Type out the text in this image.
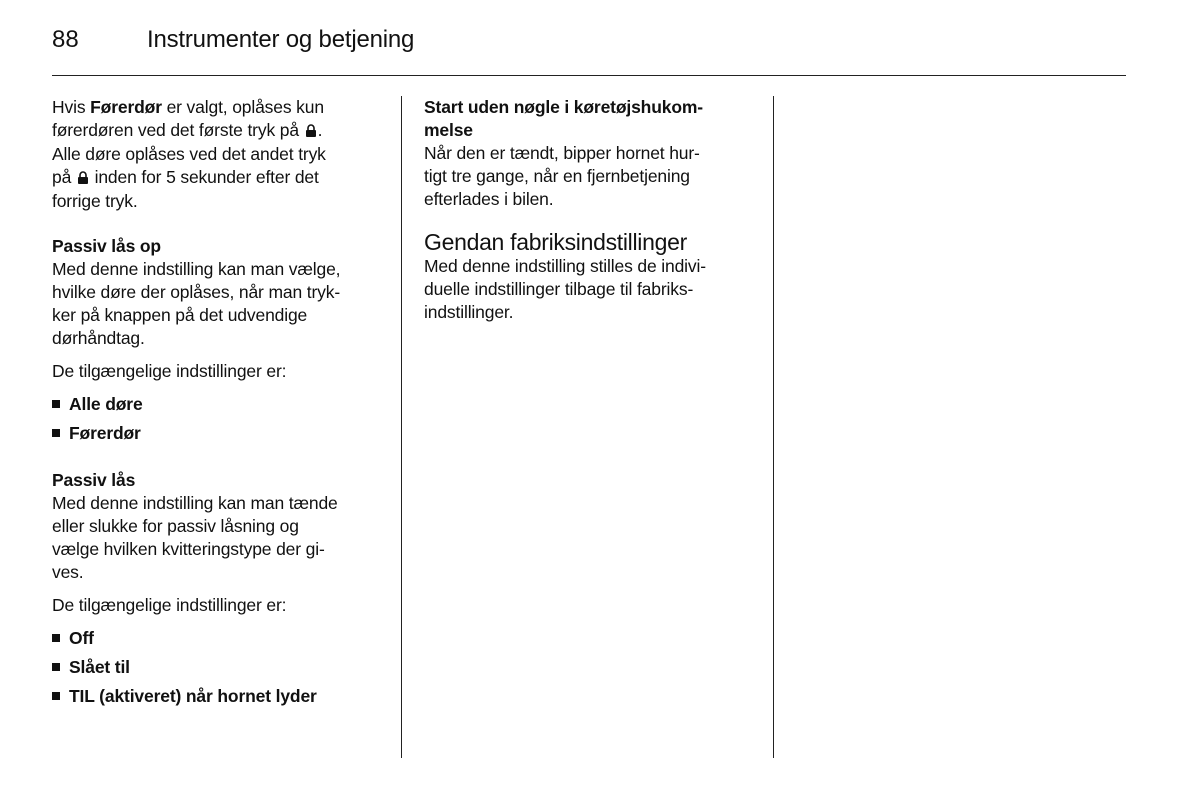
88	Instrumenter og betjening

Hvis Førerdør er valgt, oplåses kun
førerdøren ved det første tryk på .
Alle døre oplåses ved det andet tryk
på  inden for 5 sekunder efter det
forrige tryk.

Passiv lås op

Med denne indstilling kan man vælge,
hvilke døre der oplåses, når man tryk-
ker på knappen på det udvendige
dørhåndtag.

De tilgængelige indstillinger er:

Alle døre
Førerdør
Passiv lås

Med denne indstilling kan man tænde
eller slukke for passiv låsning og
vælge hvilken kvitteringstype der gi-
ves.

De tilgængelige indstillinger er:

Off
Slået til
TIL (aktiveret) når hornet lyder
Start uden nøgle i køretøjshukom-
melse

Når den er tændt, bipper hornet hur-
tigt tre gange, når en fjernbetjening
efterlades i bilen.

Gendan fabriksindstillinger

Med denne indstilling stilles de indivi-
duelle indstillinger tilbage til fabriks-
indstillinger.
